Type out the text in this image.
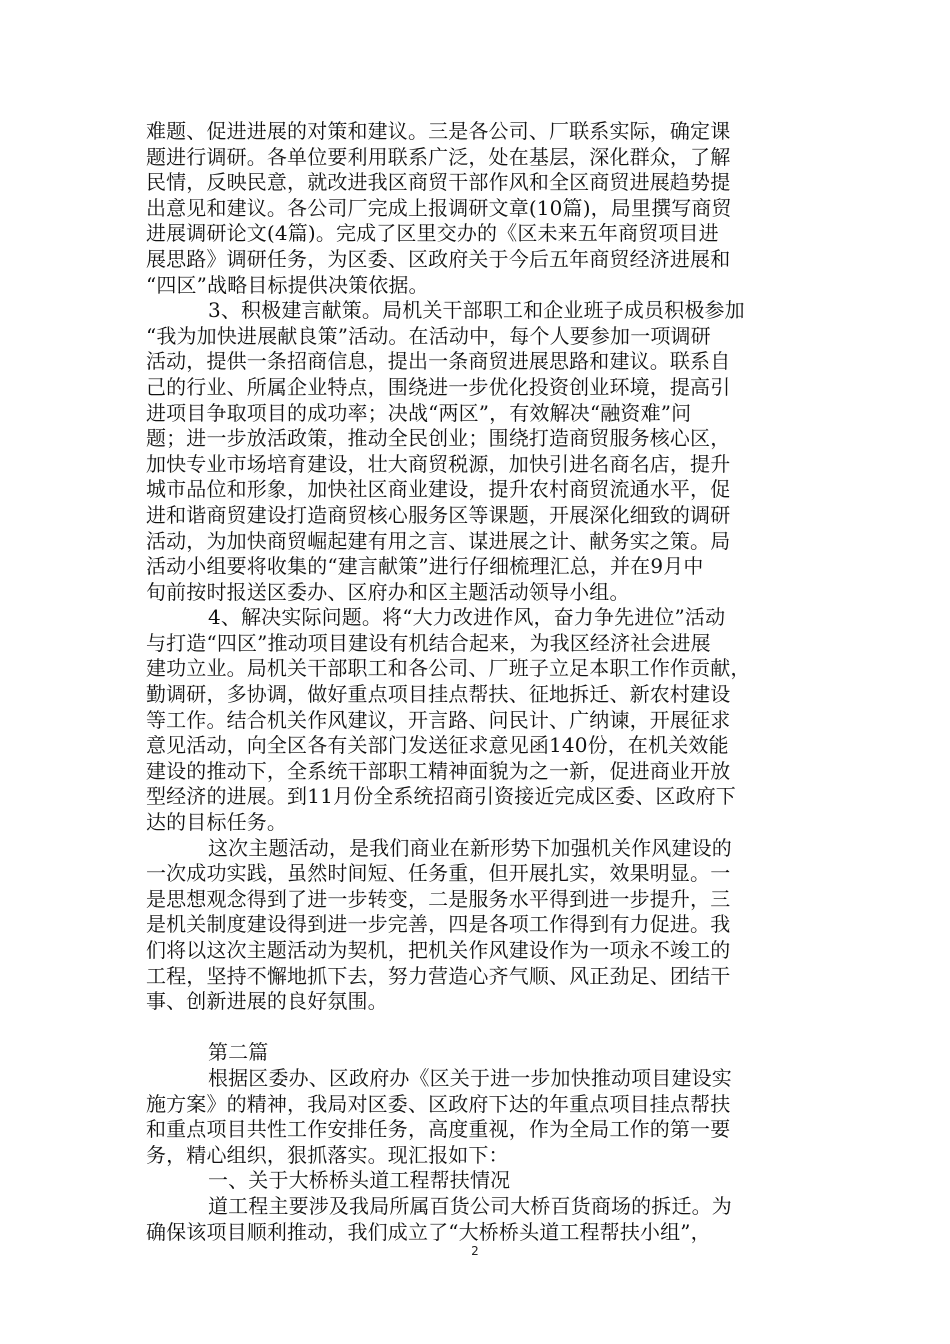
难题、促进进展的对策和建议。三是各公司、厂联系实际，确定课
题进行调研。各单位要利用联系广泛，处在基层，深化群众，了解
民情，反映民意，就改进我区商贸干部作风和全区商贸进展趋势提
出意见和建议。各公司厂完成上报调研文章(10篇)，局里撰写商贸
进展调研论文(4篇)。完成了区里交办的《区未来五年商贸项目进
展思路》调研任务，为区委、区政府关于今后五年商贸经济进展和
“四区”战略目标提供决策依据。
3、积极建言献策。局机关干部职工和企业班子成员积极参加
“我为加快进展献良策”活动。在活动中，每个人要参加一项调研
活动，提供一条招商信息，提出一条商贸进展思路和建议。联系自
己的行业、所属企业特点，围绕进一步优化投资创业环境，提高引
进项目争取项目的成功率；决战“两区”，有效解决“融资难”问
题；进一步放活政策，推动全民创业；围绕打造商贸服务核心区，
加快专业市场培育建设，壮大商贸税源，加快引进名商名店，提升
城市品位和形象，加快社区商业建设，提升农村商贸流通水平，促
进和谐商贸建设打造商贸核心服务区等课题，开展深化细致的调研
活动，为加快商贸崛起建有用之言、谋进展之计、献务实之策。局
活动小组要将收集的“建言献策”进行仔细梳理汇总，并在9月中
旬前按时报送区委办、区府办和区主题活动领导小组。
4、解决实际问题。将“大力改进作风，奋力争先进位”活动
与打造“四区”推动项目建设有机结合起来，为我区经济社会进展
建功立业。局机关干部职工和各公司、厂班子立足本职工作作贡献，
勤调研，多协调，做好重点项目挂点帮扶、征地拆迁、新农村建设
等工作。结合机关作风建议，开言路、问民计、广纳谏，开展征求
意见活动，向全区各有关部门发送征求意见函140份，在机关效能
建设的推动下，全系统干部职工精神面貌为之一新，促进商业开放
型经济的进展。到11月份全系统招商引资接近完成区委、区政府下
达的目标任务。
这次主题活动，是我们商业在新形势下加强机关作风建设的
一次成功实践，虽然时间短、任务重，但开展扎实，效果明显。一
是思想观念得到了进一步转变，二是服务水平得到进一步提升，三
是机关制度建设得到进一步完善，四是各项工作得到有力促进。我
们将以这次主题活动为契机，把机关作风建设作为一项永不竣工的
工程，坚持不懈地抓下去，努力营造心齐气顺、风正劲足、团结干
事、创新进展的良好氛围。
第二篇
根据区委办、区政府办《区关于进一步加快推动项目建设实
施方案》的精神，我局对区委、区政府下达的年重点项目挂点帮扶
和重点项目共性工作安排任务，高度重视，作为全局工作的第一要
务，精心组织，狠抓落实。现汇报如下：
一、关于大桥桥头道工程帮扶情况
道工程主要涉及我局所属百货公司大桥百货商场的拆迁。为
确保该项目顺利推动，我们成立了“大桥桥头道工程帮扶小组”，
2
